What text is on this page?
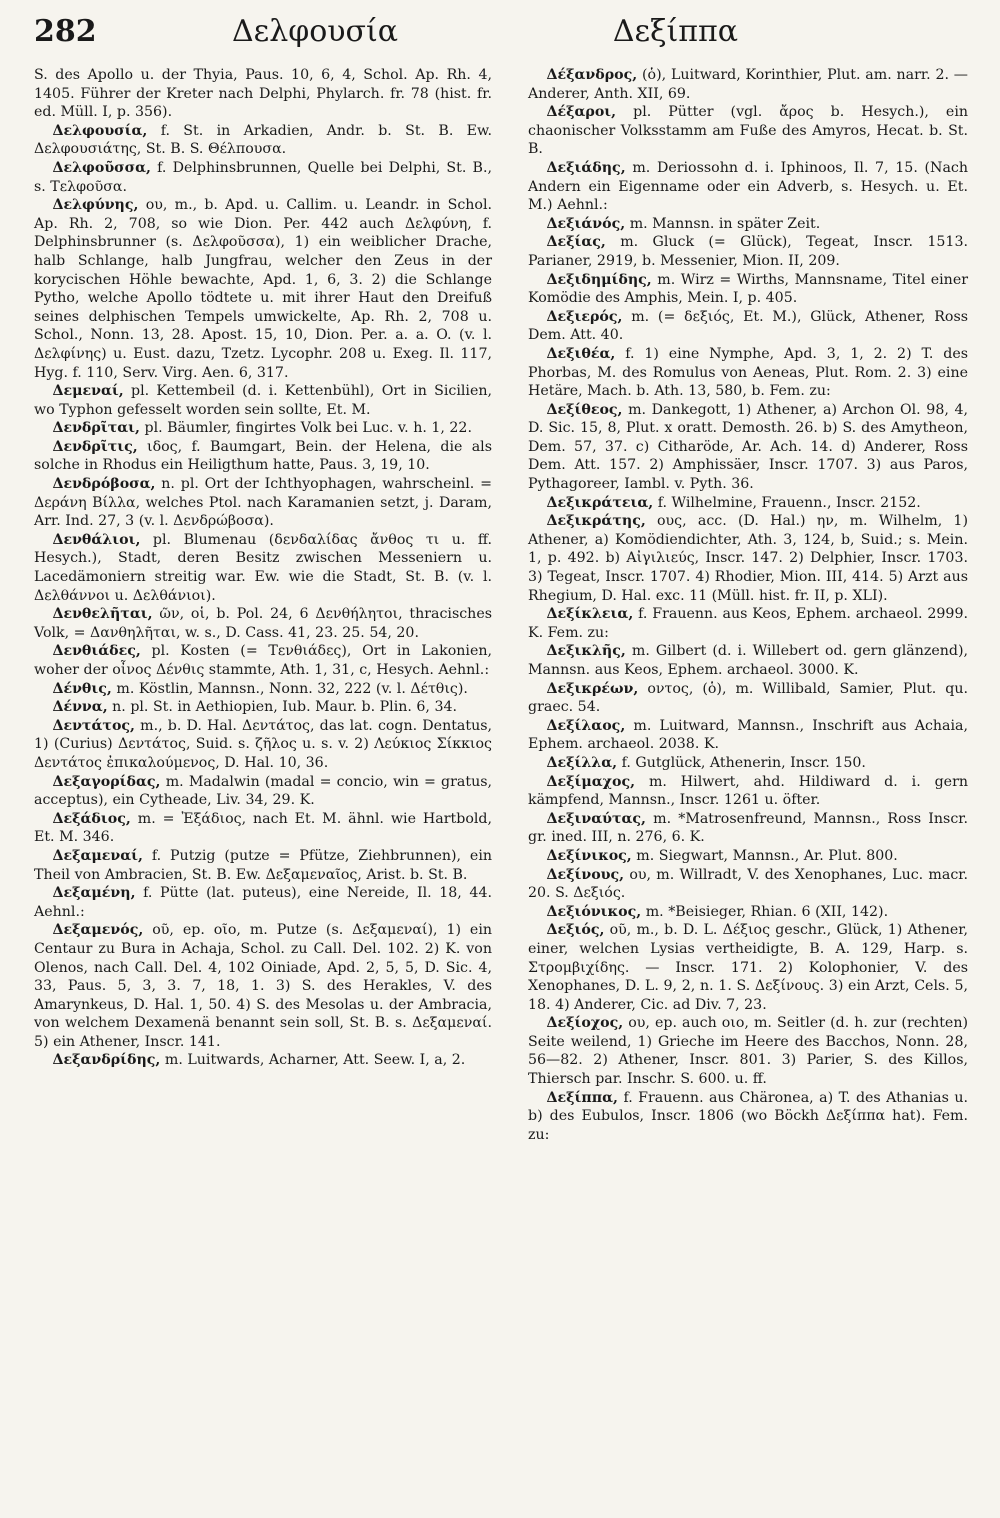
282	Δελφουσία	Δεξίππα

S. des Apollo u. der Thyia, Paus. 10, 6, 4, Schol. Ap. Rh. 4, 1405. Führer der Kreter nach Delphi, Phylarch. fr. 78 (hist. fr. ed. Müll. I, p. 356).

Δελφουσία, f. St. in Arkadien, Andr. b. St. B. Ew. Δελφουσιάτης, St. B. S. Θέλπουσα.

Δελφοῦσσα, f. Delphinsbrunnen, Quelle bei Delphi, St. B., s. Τελφοῦσα.

Δελφύνης, ου, m., b. Apd. u. Callim. u. Leandr. in Schol. Ap. Rh. 2, 708, so wie Dion. Per. 442 auch Δελφύνη, f. Delphinsbrunner (s. Δελφοῦσσα), 1) ein weiblicher Drache, halb Schlange, halb Jungfrau, welcher den Zeus in der korycischen Höhle bewachte, Apd. 1, 6, 3. 2) die Schlange Pytho, welche Apollo tödtete u. mit ihrer Haut den Dreifuß seines delphischen Tempels umwickelte, Ap. Rh. 2, 708 u. Schol., Nonn. 13, 28. Apost. 15, 10, Dion. Per. a. a. O. (v. l. Δελφίνης) u. Eust. dazu, Tzetz. Lycophr. 208 u. Exeg. Il. 117, Hyg. f. 110, Serv. Virg. Aen. 6, 317.

Δεμεναί, pl. Kettembeil (d. i. Kettenbühl), Ort in Sicilien, wo Typhon gefesselt worden sein sollte, Et. M.

Δενδρῖται, pl. Bäumler, fingirtes Volk bei Luc. v. h. 1, 22.

Δενδρῖτις, ιδος, f. Baumgart, Bein. der Helena, die als solche in Rhodus ein Heiligthum hatte, Paus. 3, 19, 10.

Δενδρόβοσα, n. pl. Ort der Ichthyophagen, wahrscheinl. = Δεράνη Βίλλα, welches Ptol. nach Karamanien setzt, j. Daram, Arr. Ind. 27, 3 (v. l. Δενδρώβοσα).

Δενθάλιοι, pl. Blumenau (δενδαλίδας ἄνθος τι u. ff. Hesych.), Stadt, deren Besitz zwischen Messeniern u. Lacedämoniern streitig war. Ew. wie die Stadt, St. B. (v. l. Δελθάννοι u. Δελθάνιοι).

Δενθελῆται, ῶν, οἱ, b. Pol. 24, 6 Δενθήλητοι, thracisches Volk, = Δανθηλῆται, w. s., D. Cass. 41, 23. 25. 54, 20.

Δενθιάδες, pl. Kosten (= Τενθιάδες), Ort in Lakonien, woher der οἶνος Δένθις stammte, Ath. 1, 31, c, Hesych. Aehnl.:

Δένθις, m. Köstlin, Mannsn., Nonn. 32, 222 (v. l. Δέτθις).

Δέννα, n. pl. St. in Aethiopien, Iub. Maur. b. Plin. 6, 34.

Δεντάτος, m., b. D. Hal. Δεντάτος, das lat. cogn. Dentatus, 1) (Curius) Δεντάτος, Suid. s. ζῆλος u. s. v. 2) Λεύκιος Σίκκιος Δεντάτος ἐπικαλούμενος, D. Hal. 10, 36.

Δεξαγορίδας, m. Madalwin (madal = concio, win = gratus, acceptus), ein Cytheade, Liv. 34, 29. K.

Δεξάδιος, m. = Ἐξάδιος, nach Et. M. ähnl. wie Hartbold, Et. M. 346.

Δεξαμεναί, f. Putzig (putze = Pfütze, Ziehbrunnen), ein Theil von Ambracien, St. B. Ew. Δεξαμεναῖος, Arist. b. St. B.

Δεξαμένη, f. Pütte (lat. puteus), eine Nereide, Il. 18, 44. Aehnl.:

Δεξαμενός, οῦ, ep. οῖο, m. Putze (s. Δεξαμεναί), 1) ein Centaur zu Bura in Achaja, Schol. zu Call. Del. 102. 2) K. von Olenos, nach Call. Del. 4, 102 Oiniade, Apd. 2, 5, 5, D. Sic. 4, 33, Paus. 5, 3, 3. 7, 18, 1. 3) S. des Herakles, V. des Amarynkeus, D. Hal. 1, 50. 4) S. des Mesolas u. der Ambracia, von welchem Dexamenä benannt sein soll, St. B. s. Δεξαμεναί. 5) ein Athener, Inscr. 141.

Δεξανδρίδης, m. Luitwards, Acharner, Att. Seew. I, a, 2.

Δέξανδρος, (ὁ), Luitward, Korinthier, Plut. am. narr. 2. — Anderer, Anth. XII, 69.

Δέξαροι, pl. Pütter (vgl. ἄρος b. Hesych.), ein chaonischer Volksstamm am Fuße des Amyros, Hecat. b. St. B.

Δεξιάδης, m. Deriossohn d. i. Iphinoos, Il. 7, 15. (Nach Andern ein Eigenname oder ein Adverb, s. Hesych. u. Et. M.) Aehnl.:

Δεξιάνός, m. Mannsn. in später Zeit.

Δεξίας, m. Gluck (= Glück), Tegeat, Inscr. 1513. Parianer, 2919, b. Messenier, Mion. II, 209.

Δεξιδημίδης, m. Wirz = Wirths, Mannsname, Titel einer Komödie des Amphis, Mein. I, p. 405.

Δεξιερός, m. (= δεξιός, Et. M.), Glück, Athener, Ross Dem. Att. 40.

Δεξιθέα, f. 1) eine Nymphe, Apd. 3, 1, 2. 2) T. des Phorbas, M. des Romulus von Aeneas, Plut. Rom. 2. 3) eine Hetäre, Mach. b. Ath. 13, 580, b. Fem. zu:

Δεξίθεος, m. Dankegott, 1) Athener, a) Archon Ol. 98, 4, D. Sic. 15, 8, Plut. x oratt. Demosth. 26. b) S. des Amytheon, Dem. 57, 37. c) Citharöde, Ar. Ach. 14. d) Anderer, Ross Dem. Att. 157. 2) Amphissäer, Inscr. 1707. 3) aus Paros, Pythagoreer, Iambl. v. Pyth. 36.

Δεξικράτεια, f. Wilhelmine, Frauenn., Inscr. 2152.

Δεξικράτης, ους, acc. (D. Hal.) ην, m. Wilhelm, 1) Athener, a) Komödiendichter, Ath. 3, 124, b, Suid.; s. Mein. 1, p. 492. b) Αἰγιλιεύς, Inscr. 147. 2) Delphier, Inscr. 1703. 3) Tegeat, Inscr. 1707. 4) Rhodier, Mion. III, 414. 5) Arzt aus Rhegium, D. Hal. exc. 11 (Müll. hist. fr. II, p. XLI).

Δεξίκλεια, f. Frauenn. aus Keos, Ephem. archaeol. 2999. K. Fem. zu:

Δεξικλῆς, m. Gilbert (d. i. Willebert od. gern glänzend), Mannsn. aus Keos, Ephem. archaeol. 3000. K.

Δεξικρέων, οντος, (ὁ), m. Willibald, Samier, Plut. qu. graec. 54.

Δεξίλαος, m. Luitward, Mannsn., Inschrift aus Achaia, Ephem. archaeol. 2038. K.

Δεξίλλα, f. Gutglück, Athenerin, Inscr. 150.

Δεξίμαχος, m. Hilwert, ahd. Hildiward d. i. gern kämpfend, Mannsn., Inscr. 1261 u. öfter.

Δεξιναύτας, m. *Matrosenfreund, Mannsn., Ross Inscr. gr. ined. III, n. 276, 6. K.

Δεξίνικος, m. Siegwart, Mannsn., Ar. Plut. 800.

Δεξίνους, ου, m. Willradt, V. des Xenophanes, Luc. macr. 20. S. Δεξιός.

Δεξιόνικος, m. *Beisieger, Rhian. 6 (XII, 142).

Δεξιός, οῦ, m., b. D. L. Δέξιος geschr., Glück, 1) Athener, einer, welchen Lysias vertheidigte, B. A. 129, Harp. s. Στρομβιχίδης. — Inscr. 171. 2) Kolophonier, V. des Xenophanes, D. L. 9, 2, n. 1. S. Δεξίνους. 3) ein Arzt, Cels. 5, 18. 4) Anderer, Cic. ad Div. 7, 23.

Δεξίοχος, ου, ep. auch οιο, m. Seitler (d. h. zur (rechten) Seite weilend, 1) Grieche im Heere des Bacchos, Nonn. 28, 56—82. 2) Athener, Inscr. 801. 3) Parier, S. des Killos, Thiersch par. Inschr. S. 600. u. ff.

Δεξίππα, f. Frauenn. aus Chäronea, a) T. des Athanias u. b) des Eubulos, Inscr. 1806 (wo Böckh Δεξίππα hat). Fem. zu:
